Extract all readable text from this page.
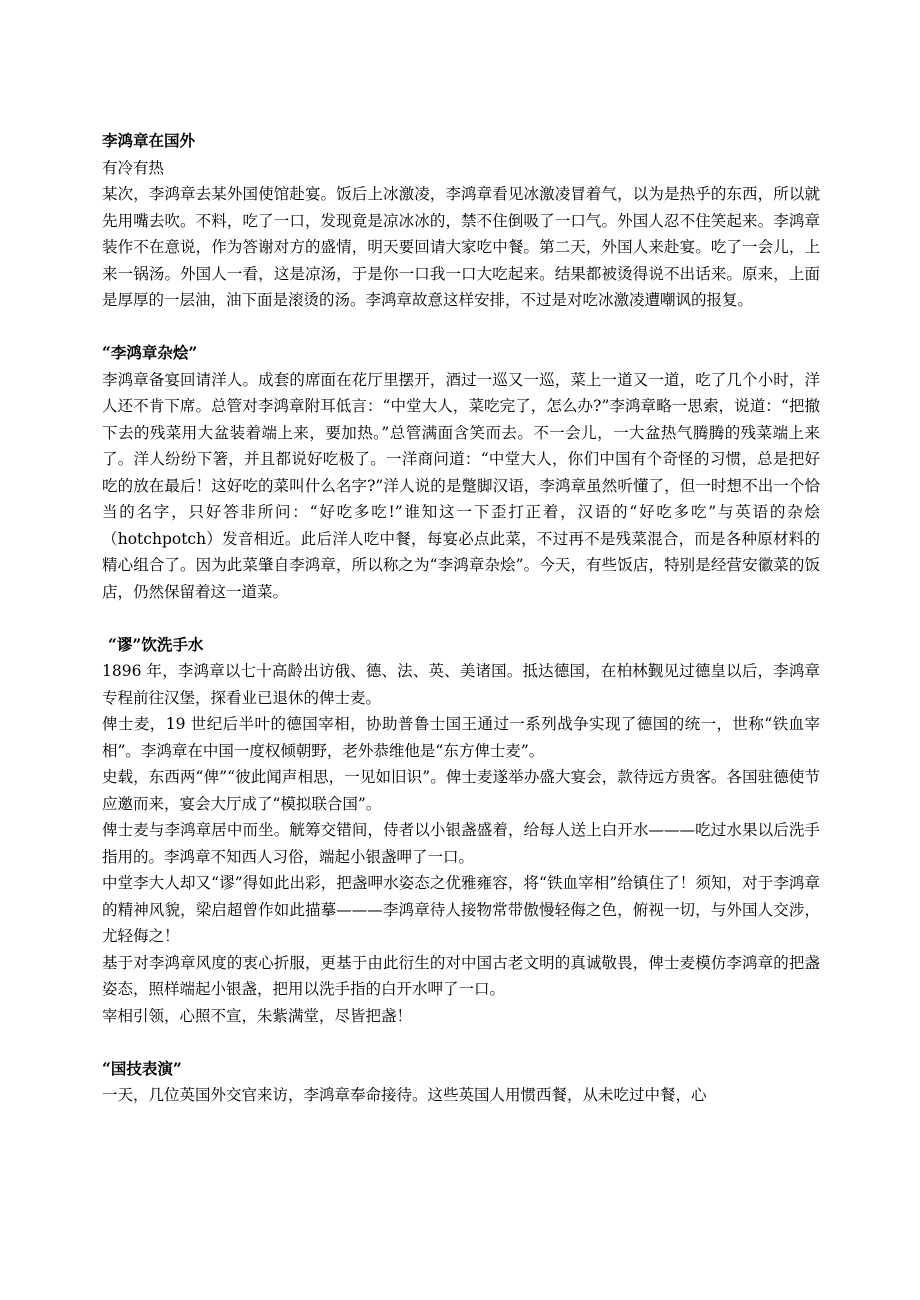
李鸿章在国外

有冷有热

某次，李鸿章去某外国使馆赴宴。饭后上冰激凌，李鸿章看见冰激凌冒着气，以为是热乎的东西，所以就先用嘴去吹。不料，吃了一口，发现竟是凉冰冰的，禁不住倒吸了一口气。外国人忍不住笑起来。李鸿章装作不在意说，作为答谢对方的盛情，明天要回请大家吃中餐。第二天，外国人来赴宴。吃了一会儿，上来一锅汤。外国人一看，这是凉汤，于是你一口我一口大吃起来。结果都被烫得说不出话来。原来，上面是厚厚的一层油，油下面是滚烫的汤。李鸿章故意这样安排，不过是对吃冰激凌遭嘲讽的报复。

“李鸿章杂烩”

李鸿章备宴回请洋人。成套的席面在花厅里摆开，酒过一巡又一巡，菜上一道又一道，吃了几个小时，洋人还不肯下席。总管对李鸿章附耳低言：“中堂大人，菜吃完了，怎么办?”李鸿章略一思索，说道：“把撤下去的残菜用大盆装着端上来，要加热。”总管满面含笑而去。不一会儿，一大盆热气腾腾的残菜端上来了。洋人纷纷下箸，并且都说好吃极了。一洋商问道：“中堂大人，你们中国有个奇怪的习惯，总是把好吃的放在最后！这好吃的菜叫什么名字?”洋人说的是蹩脚汉语，李鸿章虽然听懂了，但一时想不出一个恰当的名字，只好答非所问：“好吃多吃!”谁知这一下歪打正着，汉语的“好吃多吃”与英语的杂烩（hotchpotch）发音相近。此后洋人吃中餐，每宴必点此菜，不过再不是残菜混合，而是各种原材料的精心组合了。因为此菜肇自李鸿章，所以称之为“李鸿章杂烩”。今天，有些饭店，特别是经营安徽菜的饭店，仍然保留着这一道菜。

“谬”饮洗手水

1896 年，李鸿章以七十高龄出访俄、德、法、英、美诸国。抵达德国，在柏林觐见过德皇以后，李鸿章专程前往汉堡，探看业已退休的俾士麦。

俾士麦，19 世纪后半叶的德国宰相，协助普鲁士国王通过一系列战争实现了德国的统一，世称“铁血宰相”。李鸿章在中国一度权倾朝野，老外恭维他是“东方俾士麦”。

史载，东西两“俾”“彼此闻声相思，一见如旧识”。俾士麦遂举办盛大宴会，款待远方贵客。各国驻德使节应邀而来，宴会大厅成了“模拟联合国”。

俾士麦与李鸿章居中而坐。觥筹交错间，侍者以小银盏盛着，给每人送上白开水———吃过水果以后洗手指用的。李鸿章不知西人习俗，端起小银盏呷了一口。

中堂李大人却又“谬”得如此出彩，把盏呷水姿态之优雅雍容，将“铁血宰相”给镇住了！须知，对于李鸿章的精神风貌，梁启超曾作如此描摹———李鸿章待人接物常带傲慢轻侮之色，俯视一切，与外国人交涉，尤轻侮之！

基于对李鸿章风度的衷心折服，更基于由此衍生的对中国古老文明的真诚敬畏，俾士麦模仿李鸿章的把盏姿态，照样端起小银盏，把用以洗手指的白开水呷了一口。

宰相引领，心照不宣，朱紫满堂，尽皆把盏！

“国技表演”

一天，几位英国外交官来访，李鸿章奉命接待。这些英国人用惯西餐，从未吃过中餐，心
